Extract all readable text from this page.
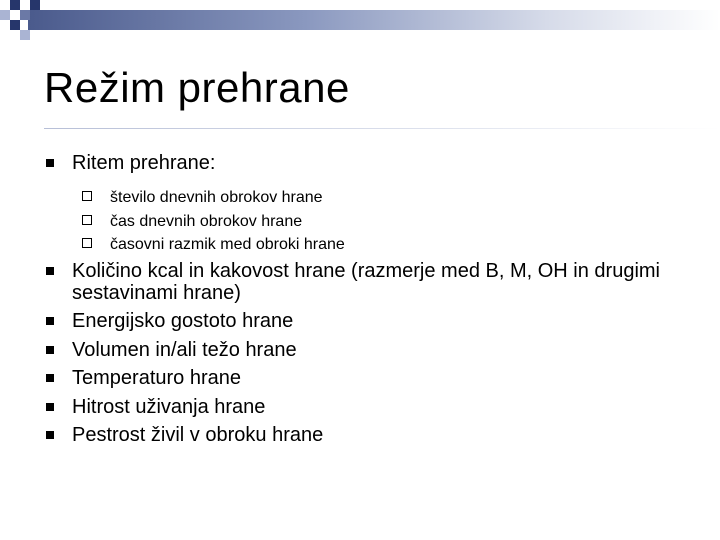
Režim prehrane
Ritem prehrane:
število dnevnih obrokov hrane
čas dnevnih obrokov hrane
časovni razmik med obroki hrane
Količino kcal in kakovost hrane (razmerje med B, M, OH in drugimi sestavinami hrane)
Energijsko gostoto hrane
Volumen in/ali težo hrane
Temperaturo hrane
Hitrost uživanja hrane
Pestrost živil v obroku hrane
